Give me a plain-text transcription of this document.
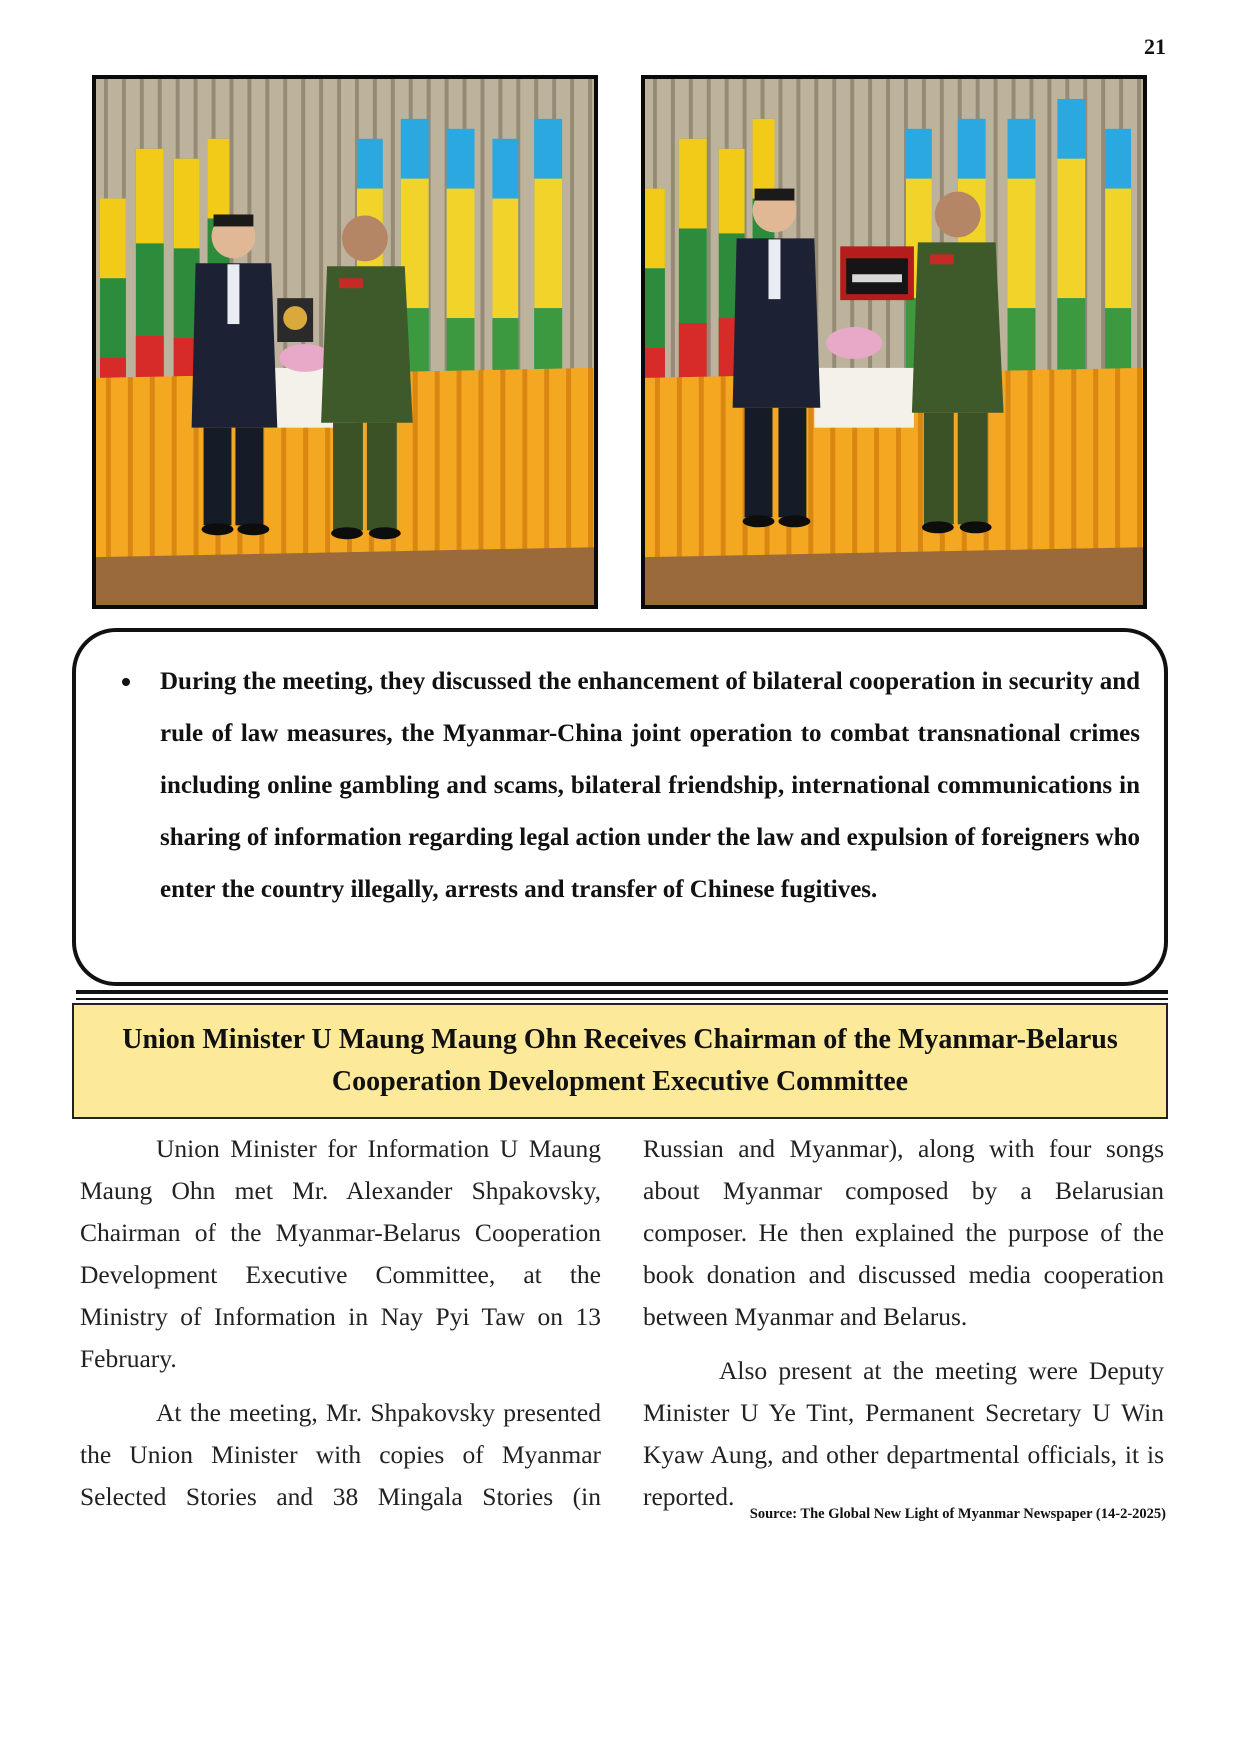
21
During the meeting, they discussed the enhancement of bilateral cooperation in security and rule of law measures, the Myanmar-China joint operation to combat transnational crimes including online gambling and scams, bilateral friendship, international communications in sharing of information regarding legal action under the law and expulsion of foreigners who enter the country illegally, arrests and transfer of Chinese fugitives.
Union Minister U Maung Maung Ohn Receives Chairman of the Myanmar-Belarus Cooperation Development Executive Committee

Union Minister for Information U Maung Maung Ohn met Mr. Alexander Shpakovsky, Chairman of the Myanmar-Belarus Cooperation Development Executive Committee, at the Ministry of Information in Nay Pyi Taw on 13 February.

At the meeting, Mr. Shpakovsky presented the Union Minister with copies of Myanmar Selected Stories and 38 Mingala Stories (in Russian and Myanmar), along with four songs about Myanmar composed by a Belarusian composer. He then explained the purpose of the book donation and discussed media cooperation between Myanmar and Belarus.

Also present at the meeting were Deputy Minister U Ye Tint, Permanent Secretary U Win Kyaw Aung, and other departmental officials, it is reported.

Source: The Global New Light of Myanmar Newspaper (14-2-2025)
